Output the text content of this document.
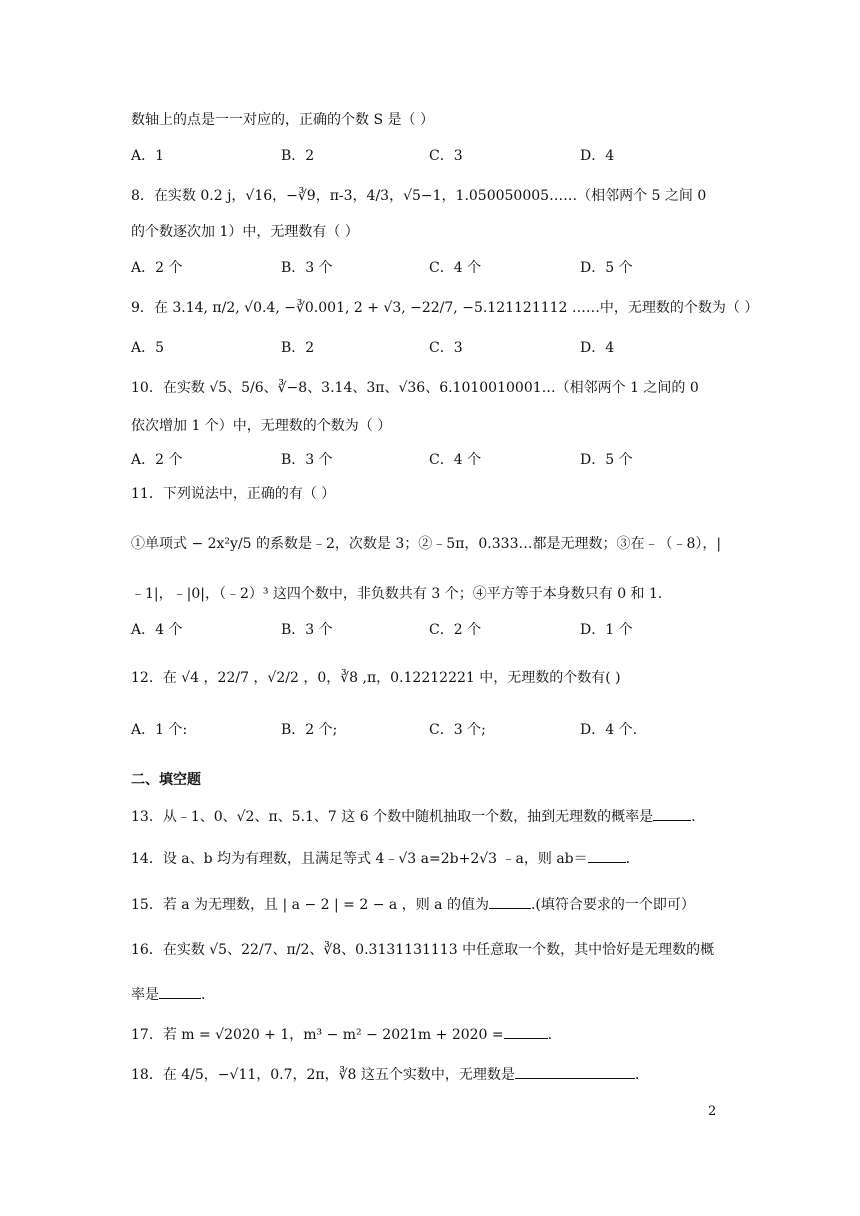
数轴上的点是一一对应的，正确的个数 S 是（ ）
A．1	B．2	C．3	D．4
8．在实数 0.2 j̇，√16，−∛9，π-3，4/3，√5−1，1.050050005……（相邻两个 5 之间 0
的个数逐次加 1）中，无理数有（ ）
A．2 个	B．3 个	C．4 个	D．5 个
9．在 3.14, π/2, √0.4, −∛0.001, 2 + √3, −22/7, −5.121121112 ……中，无理数的个数为（ ）
A．5	B．2	C．3	D．4
10．在实数 √5、5/6、∛−8、3.14、3π、√36、6.1010010001…（相邻两个 1 之间的 0
依次增加 1 个）中，无理数的个数为（ ）
A．2 个	B．3 个	C．4 个	D．5 个
11．下列说法中，正确的有（ ）
①单项式 − 2x²y/5 的系数是﹣2，次数是 3；②﹣5π，0.333…都是无理数；③在﹣（﹣8），|
﹣1|，﹣|0|，（﹣2）³ 这四个数中，非负数共有 3 个；④平方等于本身数只有 0 和 1.
A．4 个	B．3 个	C．2 个	D．1 个
12．在 √4 ，22/7 ，√2/2 ，0，∛8 ,π，0.12212221 中，无理数的个数有( )
A．1 个:	B．2 个;	C．3 个;	D．4 个.
二、填空题
13．从﹣1、0、√2、π、5.1、7 这 6 个数中随机抽取一个数，抽到无理数的概率是	.
14．设 a、b 均为有理数，且满足等式 4﹣√3 a=2b+2√3 ﹣a，则 ab＝	.
15．若 a 为无理数，且 | a − 2 | = 2 − a ，则 a 的值为	.(填符合要求的一个即可）
16．在实数 √5、22/7、π/2、∛8、0.3131131113 中任意取一个数，其中恰好是无理数的概
率是	.
17．若 m = √2020 + 1，m³ − m² − 2021m + 2020 =	.
18．在 4/5，−√11，0.7̇，2π，∛8 这五个实数中，无理数是	.
2
